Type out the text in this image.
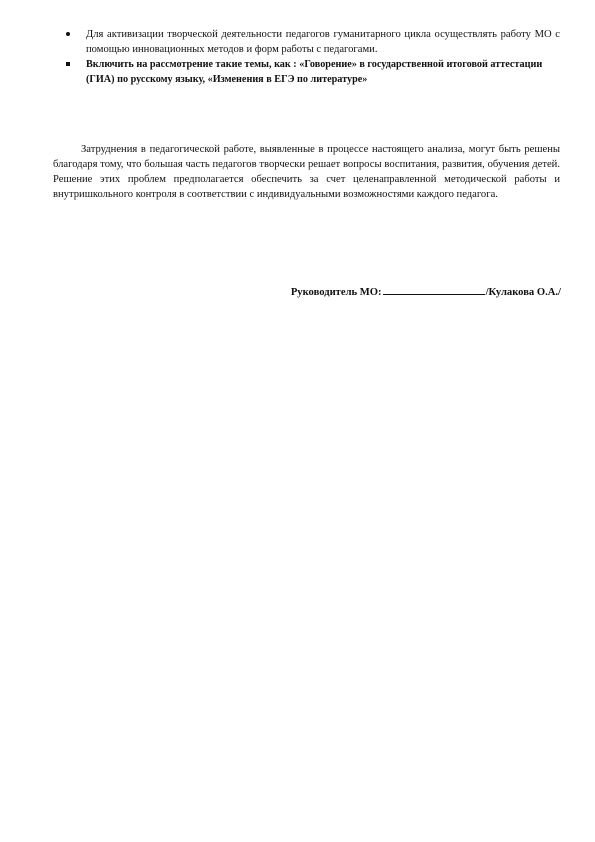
Для активизации творческой деятельности педагогов гуманитарного цикла осуществлять работу МО с помощью инновационных методов и форм работы с педагогами.
Включить на рассмотрение такие темы, как : «Говорение» в государственной итоговой аттестации (ГИА) по русскому языку, «Изменения в ЕГЭ по литературе»

Затруднения в педагогической работе, выявленные в процессе настоящего анализа, могут быть решены благодаря тому, что большая часть педагогов творчески решает вопросы воспитания, развития, обучения детей. Решение этих проблем предполагается обеспечить за счет целенаправленной методической работы и внутришкольного контроля в соответствии с индивидуальными возможностями каждого педагога.

Руководитель МО:	/Кулакова О.А./
